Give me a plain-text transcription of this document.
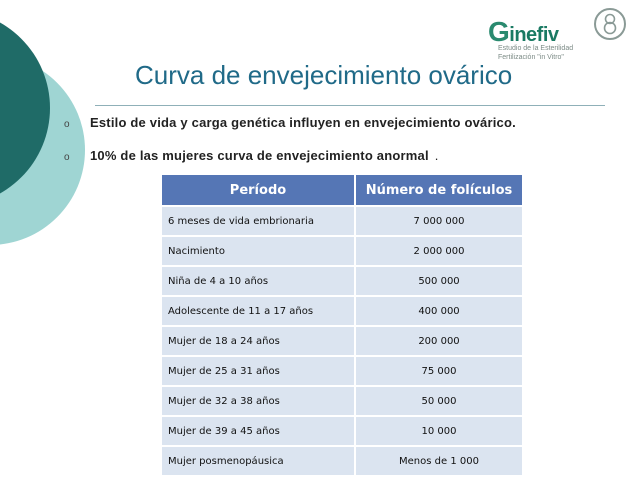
Ginefiv
Estudio de la Esterilidad
Fertilización "in Vitro"
Curva de envejecimiento ovárico
o Estilo de vida y carga genética influyen en envejecimiento ovárico.
o 10% de las mujeres curva de envejecimiento anormal .
Período	Número de folículos
6 meses de vida embrionaria	7 000 000
Nacimiento	2 000 000
Niña de 4 a 10 años	500 000
Adolescente de 11 a 17 años	400 000
Mujer de 18 a 24 años	200 000
Mujer de 25 a 31 años	75 000
Mujer de 32 a 38 años	50 000
Mujer de 39 a 45 años	10 000
Mujer posmenopáusica	Menos de 1 000
